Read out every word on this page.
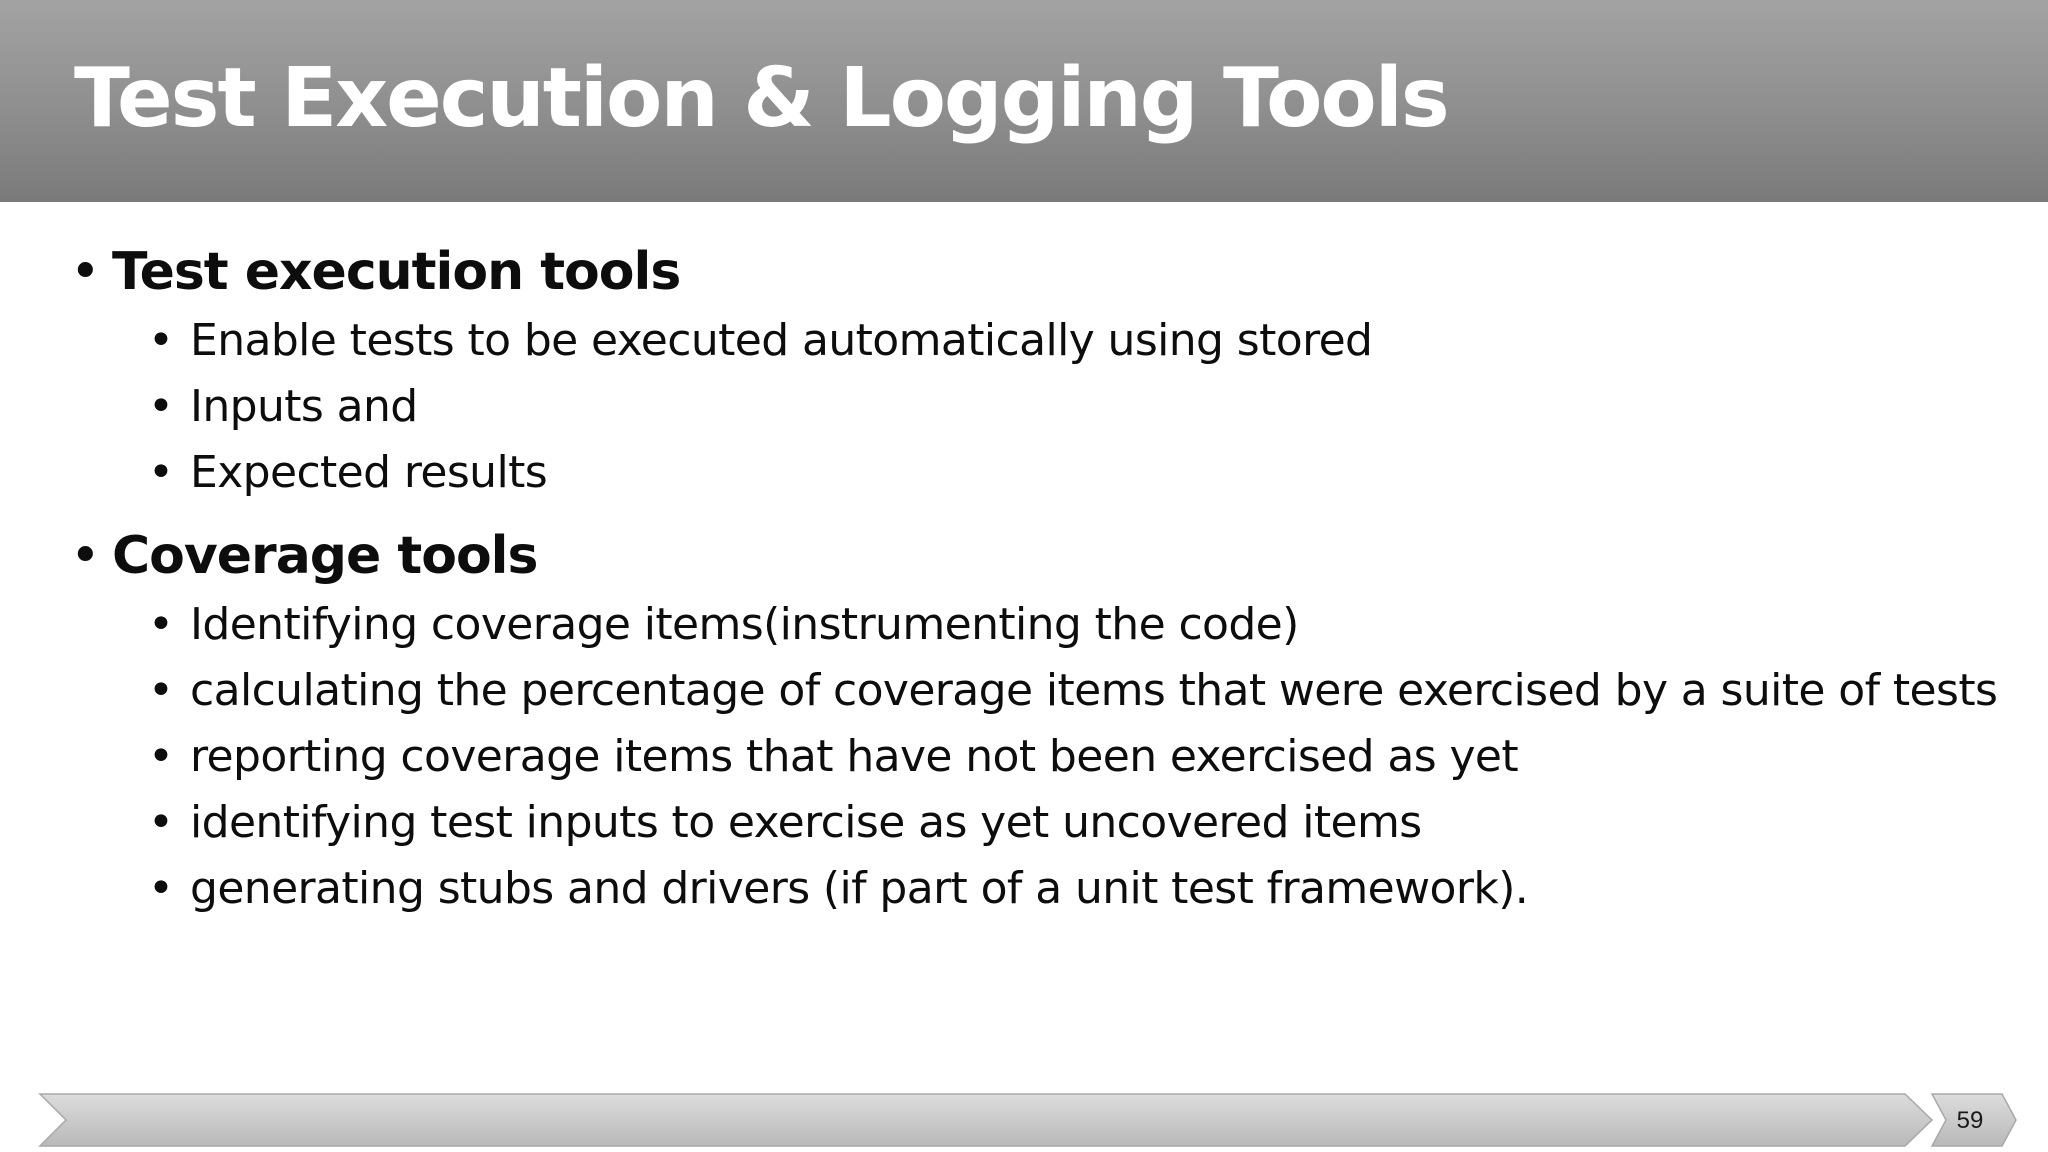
Test Execution & Logging Tools
• Test execution tools
• Enable tests to be executed automatically using stored
• Inputs and
• Expected results
• Coverage tools
• Identifying coverage items(instrumenting the code)
• calculating the percentage of coverage items that were exercised by a suite of tests
• reporting coverage items that have not been exercised as yet
• identifying test inputs to exercise as yet uncovered items
• generating stubs and drivers (if part of a unit test framework).
59
